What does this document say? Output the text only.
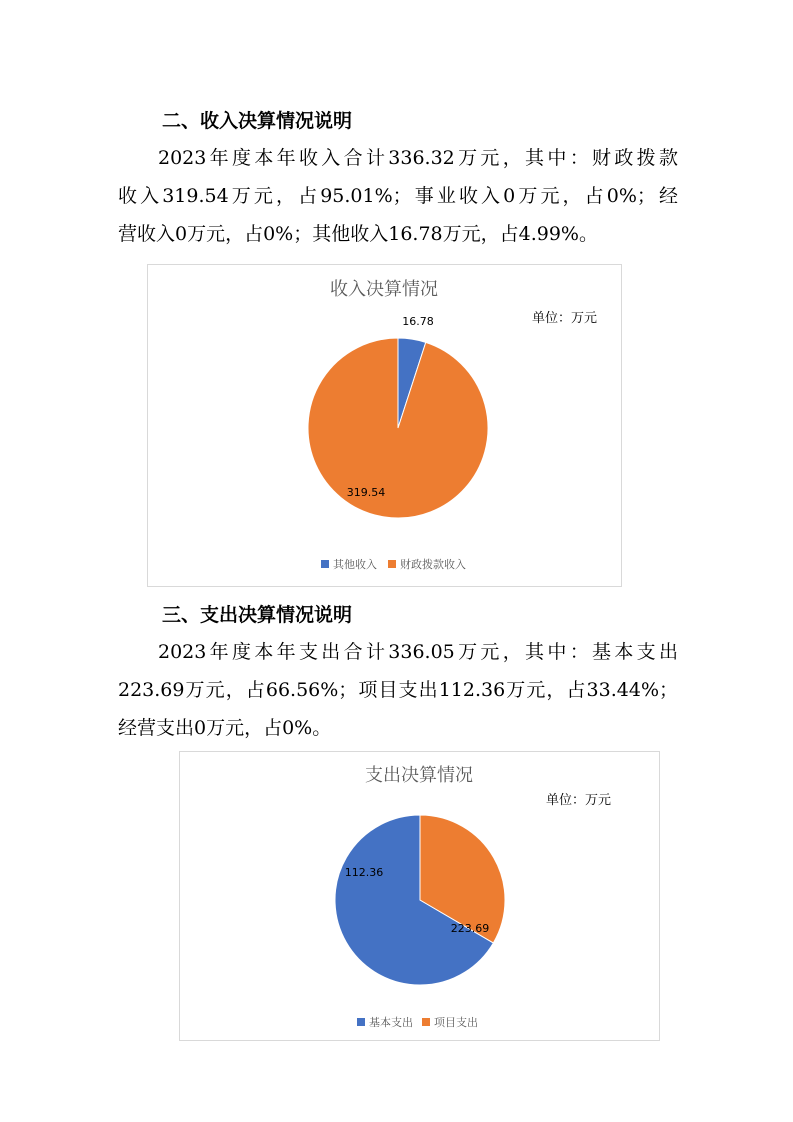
二、收入决算情况说明
2023年度本年收入合计336.32万元，其中：财政拨款
收入319.54万元，占95.01%；事业收入0万元，占0%；经
营收入0万元，占0%；其他收入16.78万元，占4.99%。
收入决算情况
单位：万元
16.78
319.54
其他收入 财政拨款收入
三、支出决算情况说明
2023年度本年支出合计336.05万元，其中：基本支出
223.69万元，占66.56%；项目支出112.36万元，占33.44%；
经营支出0万元，占0%。
支出决算情况
单位：万元
223.69
112.36
基本支出 项目支出
